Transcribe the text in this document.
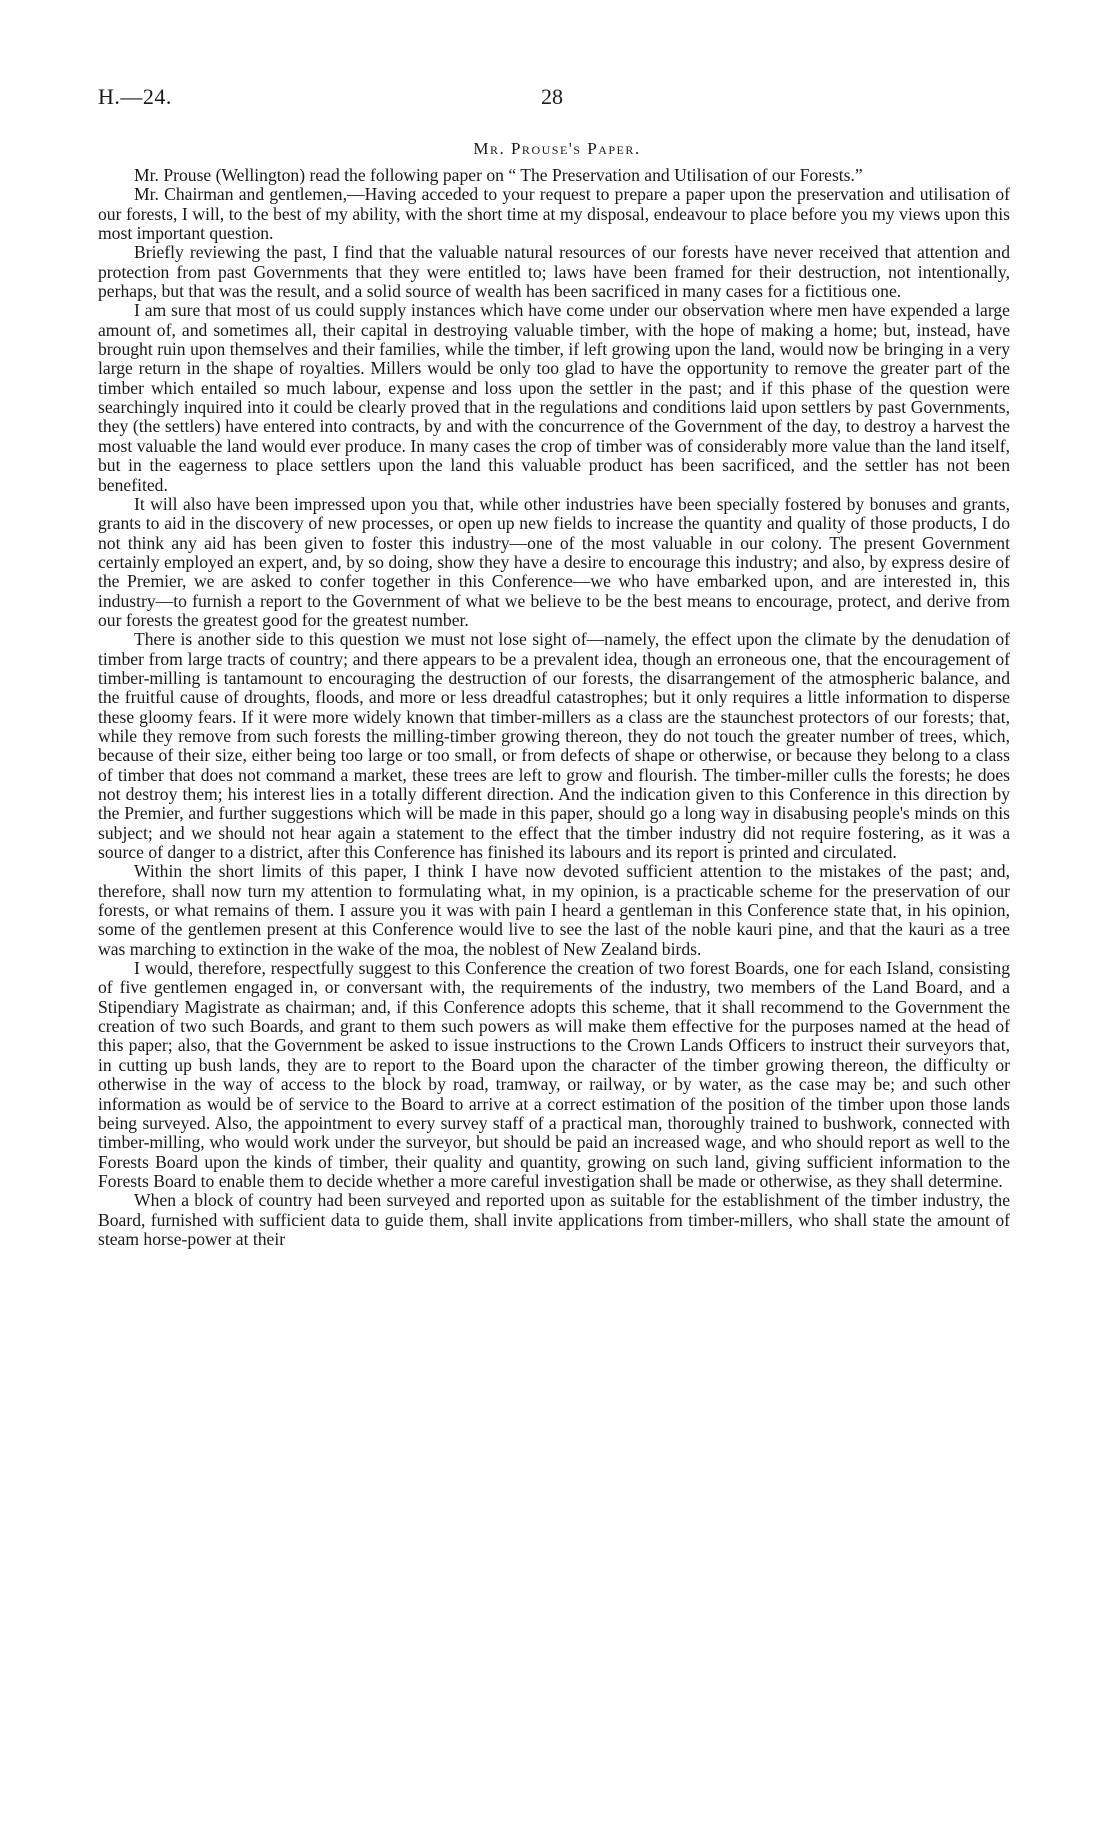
H.—24.	28
Mr. Prouse's Paper.

Mr. Prouse (Wellington) read the following paper on “ The Preservation and Utilisation of our Forests.”

Mr. Chairman and gentlemen,—Having acceded to your request to prepare a paper upon the preservation and utilisation of our forests, I will, to the best of my ability, with the short time at my disposal, endeavour to place before you my views upon this most important question.

Briefly reviewing the past, I find that the valuable natural resources of our forests have never received that attention and protection from past Governments that they were entitled to; laws have been framed for their destruction, not intentionally, perhaps, but that was the result, and a solid source of wealth has been sacrificed in many cases for a fictitious one.

I am sure that most of us could supply instances which have come under our observation where men have expended a large amount of, and sometimes all, their capital in destroying valuable timber, with the hope of making a home; but, instead, have brought ruin upon themselves and their families, while the timber, if left growing upon the land, would now be bringing in a very large return in the shape of royalties. Millers would be only too glad to have the opportunity to remove the greater part of the timber which entailed so much labour, expense and loss upon the settler in the past; and if this phase of the question were searchingly inquired into it could be clearly proved that in the regulations and conditions laid upon settlers by past Governments, they (the settlers) have entered into contracts, by and with the concurrence of the Government of the day, to destroy a harvest the most valuable the land would ever produce. In many cases the crop of timber was of considerably more value than the land itself, but in the eagerness to place settlers upon the land this valuable product has been sacrificed, and the settler has not been benefited.

It will also have been impressed upon you that, while other industries have been specially fostered by bonuses and grants, grants to aid in the discovery of new processes, or open up new fields to increase the quantity and quality of those products, I do not think any aid has been given to foster this industry—one of the most valuable in our colony. The present Government certainly employed an expert, and, by so doing, show they have a desire to encourage this industry; and also, by express desire of the Premier, we are asked to confer together in this Conference—we who have embarked upon, and are interested in, this industry—to furnish a report to the Government of what we believe to be the best means to encourage, protect, and derive from our forests the greatest good for the greatest number.

There is another side to this question we must not lose sight of—namely, the effect upon the climate by the denudation of timber from large tracts of country; and there appears to be a prevalent idea, though an erroneous one, that the encouragement of timber-milling is tantamount to encouraging the destruction of our forests, the disarrangement of the atmospheric balance, and the fruitful cause of droughts, floods, and more or less dreadful catastrophes; but it only requires a little information to disperse these gloomy fears. If it were more widely known that timber-millers as a class are the staunchest protectors of our forests; that, while they remove from such forests the milling-timber growing thereon, they do not touch the greater number of trees, which, because of their size, either being too large or too small, or from defects of shape or otherwise, or because they belong to a class of timber that does not command a market, these trees are left to grow and flourish. The timber-miller culls the forests; he does not destroy them; his interest lies in a totally different direction. And the indication given to this Conference in this direction by the Premier, and further suggestions which will be made in this paper, should go a long way in disabusing people's minds on this subject; and we should not hear again a statement to the effect that the timber industry did not require fostering, as it was a source of danger to a district, after this Conference has finished its labours and its report is printed and circulated.

Within the short limits of this paper, I think I have now devoted sufficient attention to the mistakes of the past; and, therefore, shall now turn my attention to formulating what, in my opinion, is a practicable scheme for the preservation of our forests, or what remains of them. I assure you it was with pain I heard a gentleman in this Conference state that, in his opinion, some of the gentlemen present at this Conference would live to see the last of the noble kauri pine, and that the kauri as a tree was marching to extinction in the wake of the moa, the noblest of New Zealand birds.

I would, therefore, respectfully suggest to this Conference the creation of two forest Boards, one for each Island, consisting of five gentlemen engaged in, or conversant with, the requirements of the industry, two members of the Land Board, and a Stipendiary Magistrate as chairman; and, if this Conference adopts this scheme, that it shall recommend to the Government the creation of two such Boards, and grant to them such powers as will make them effective for the purposes named at the head of this paper; also, that the Government be asked to issue instructions to the Crown Lands Officers to instruct their surveyors that, in cutting up bush lands, they are to report to the Board upon the character of the timber growing thereon, the difficulty or otherwise in the way of access to the block by road, tramway, or railway, or by water, as the case may be; and such other information as would be of service to the Board to arrive at a correct estimation of the position of the timber upon those lands being surveyed. Also, the appointment to every survey staff of a practical man, thoroughly trained to bushwork, connected with timber-milling, who would work under the surveyor, but should be paid an increased wage, and who should report as well to the Forests Board upon the kinds of timber, their quality and quantity, growing on such land, giving sufficient information to the Forests Board to enable them to decide whether a more careful investigation shall be made or otherwise, as they shall determine.

When a block of country had been surveyed and reported upon as suitable for the establishment of the timber industry, the Board, furnished with sufficient data to guide them, shall invite applications from timber-millers, who shall state the amount of steam horse-power at their
